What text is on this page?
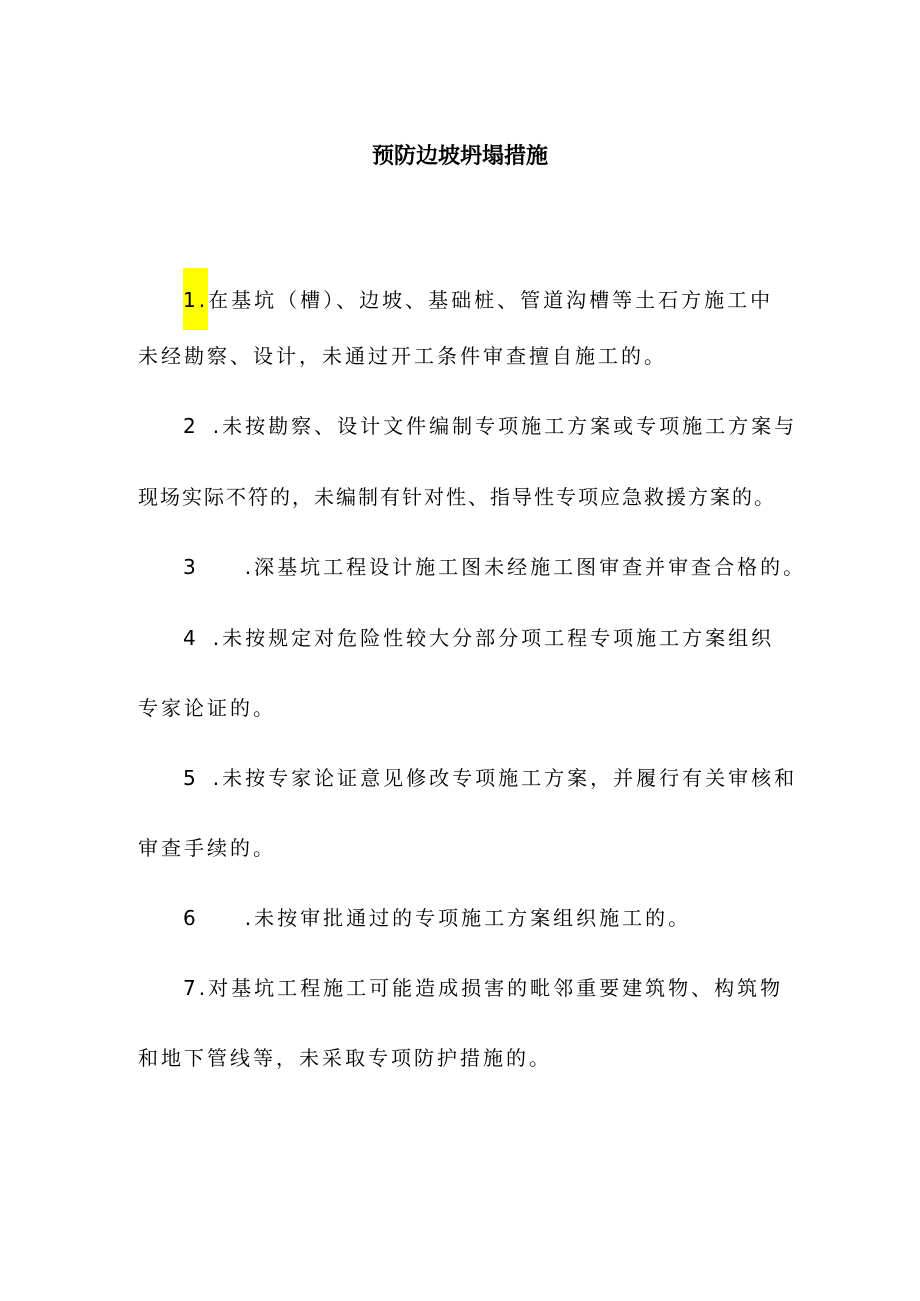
预防边坡坍塌措施
1.在基坑（槽）、边坡、基础桩、管道沟槽等土石方施工中
未经勘察、设计，未通过开工条件审查擅自施工的。
2 .未按勘察、设计文件编制专项施工方案或专项施工方案与
现场实际不符的，未编制有针对性、指导性专项应急救援方案的。
3 .深基坑工程设计施工图未经施工图审查并审查合格的。
4 .未按规定对危险性较大分部分项工程专项施工方案组织
专家论证的。
5 .未按专家论证意见修改专项施工方案，并履行有关审核和
审查手续的。
6 .未按审批通过的专项施工方案组织施工的。
7.对基坑工程施工可能造成损害的毗邻重要建筑物、构筑物
和地下管线等，未采取专项防护措施的。
